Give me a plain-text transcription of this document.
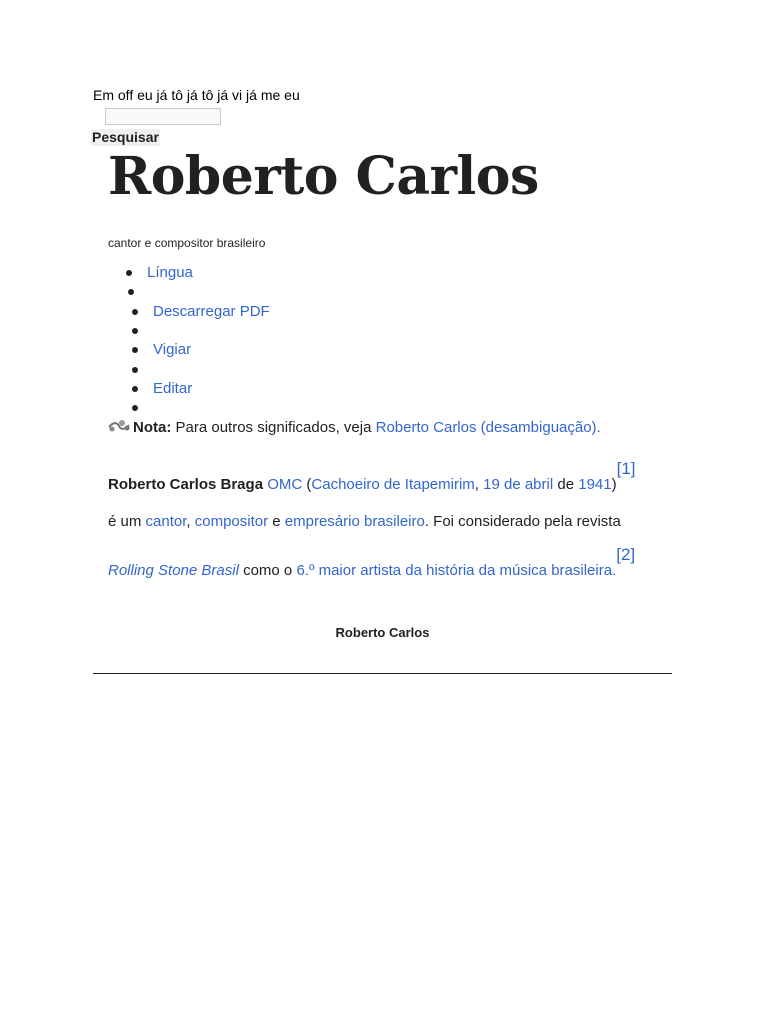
Em off eu já tô já tô já vi já me eu
Pesquisar
Roberto Carlos
cantor e compositor brasileiro
Língua
Descarregar PDF
Vigiar
Editar
Nota: Para outros significados, veja Roberto Carlos (desambiguação).
Roberto Carlos Braga OMC (Cachoeiro de Itapemirim, 19 de abril de 1941)[1]
é um cantor, compositor e empresário brasileiro. Foi considerado pela revista
Rolling Stone Brasil como o 6.º maior artista da história da música brasileira.[2]
Roberto Carlos
